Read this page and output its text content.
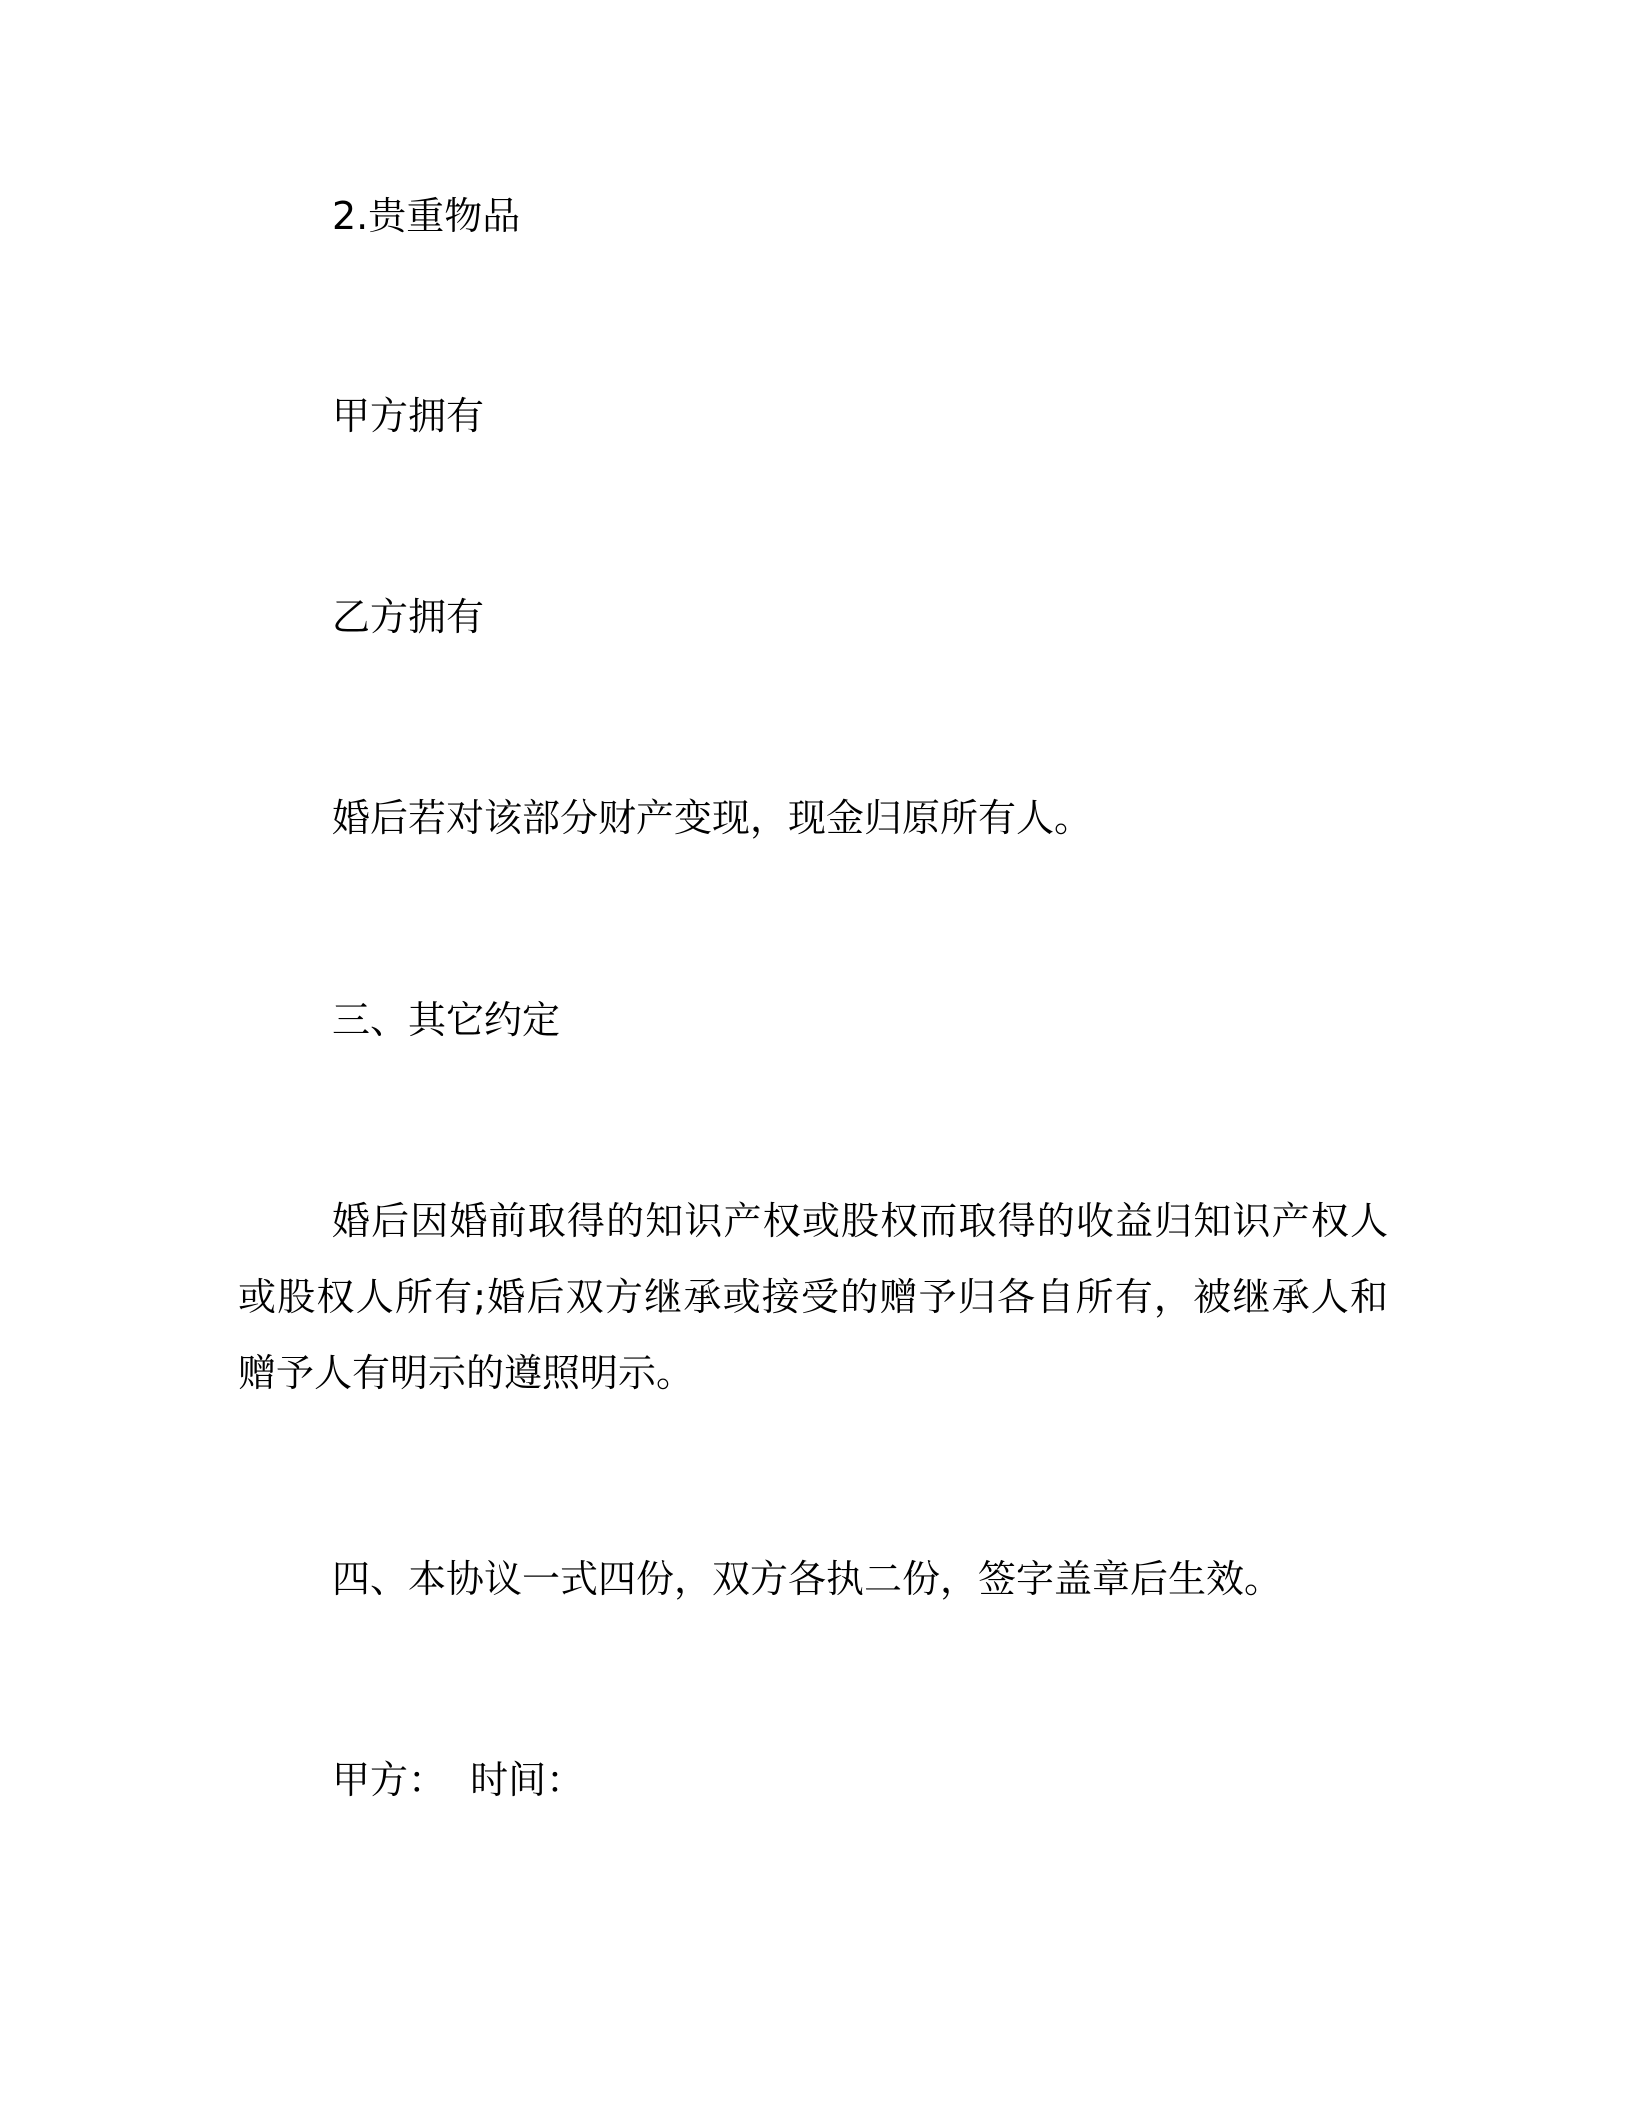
2.贵重物品

甲方拥有

乙方拥有

婚后若对该部分财产变现，现金归原所有人。

三、其它约定

婚后因婚前取得的知识产权或股权而取得的收益归知识产权人或股权人所有;婚后双方继承或接受的赠予归各自所有，被继承人和赠予人有明示的遵照明示。

四、本协议一式四份，双方各执二份，签字盖章后生效。

甲方：  时间：
